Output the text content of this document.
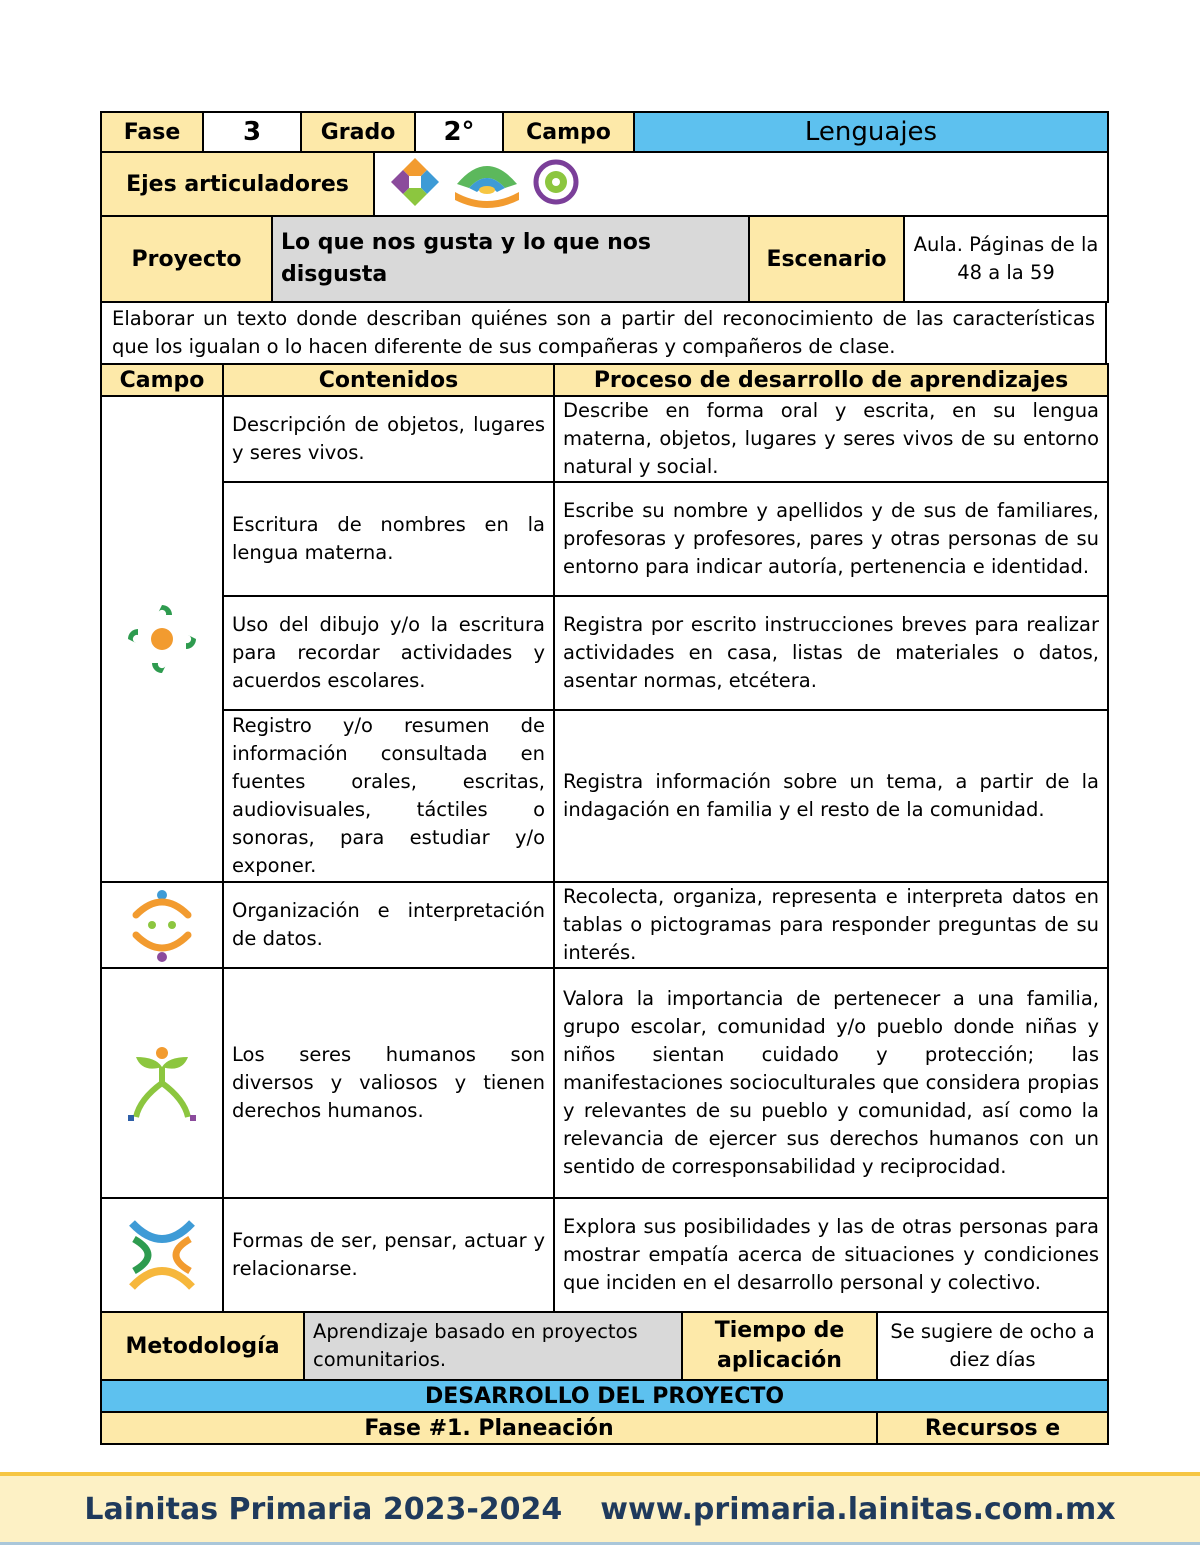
Fase	3	Grado	2°	Campo	Lenguajes
Ejes articuladores	
Proyecto	Lo que nos gusta y lo que nos disgusta	Escenario	Aula. Páginas de la 48 a la 59
Elaborar un texto donde describan quiénes son a partir del reconocimiento de las características que los igualan o lo hacen diferente de sus compañeras y compañeros de clase.
Campo	Contenidos	Proceso de desarrollo de aprendizajes

	Descripción de objetos, lugares y seres vivos.	Describe en forma oral y escrita, en su lengua materna, objetos, lugares y seres vivos de su entorno natural y social.
	Escritura de nombres en la lengua materna.	Escribe su nombre y apellidos y de sus de familiares, profesoras y profesores, pares y otras personas de su entorno para indicar autoría, pertenencia e identidad.
	Uso del dibujo y/o la escritura para recordar actividades y acuerdos escolares.	Registra por escrito instrucciones breves para realizar actividades en casa, listas de materiales o datos, asentar normas, etcétera.
	Registro y/o resumen de información consultada en fuentes orales, escritas, audiovisuales, táctiles o sonoras, para estudiar y/o exponer.	Registra información sobre un tema, a partir de la indagación en familia y el resto de la comunidad.

	Organización e interpretación de datos.	Recolecta, organiza, representa e interpreta datos en tablas o pictogramas para responder preguntas de su interés.

	Los seres humanos son diversos y valiosos y tienen derechos humanos.	Valora la importancia de pertenecer a una familia, grupo escolar, comunidad y/o pueblo donde niñas y niños sientan cuidado y protección; las manifestaciones socioculturales que considera propias y relevantes de su pueblo y comunidad, así como la relevancia de ejercer sus derechos humanos con un sentido de corresponsabilidad y reciprocidad.

	Formas de ser, pensar, actuar y relacionarse.	Explora sus posibilidades y las de otras personas para mostrar empatía acerca de situaciones y condiciones que inciden en el desarrollo personal y colectivo.
Metodología	Aprendizaje basado en proyectos comunitarios.	Tiempo de aplicación	Se sugiere de ocho a diez días
DESARROLLO DEL PROYECTO
Fase #1. Planeación	Recursos e
Lainitas Primaria 2023-2024 www.primaria.lainitas.com.mx
